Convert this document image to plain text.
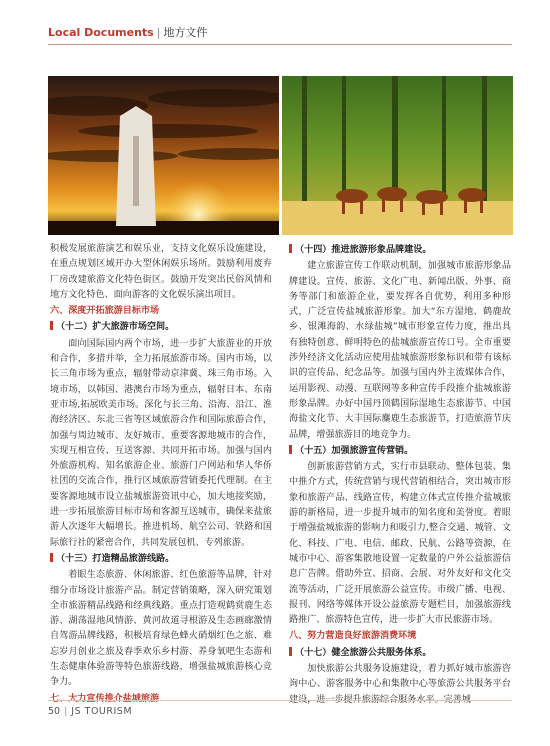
Local Documents | 地方文件

积极发展旅游演艺和娱乐业，支持文化娱乐设施建设，在重点规划区域开办大型休闲娱乐场所。鼓励利用废弃厂房改建旅游文化特色街区。鼓励开发突出民俗风情和地方文化特色、面向游客的文化娱乐演出项目。

六、深度开拓旅游目标市场

（十二）扩大旅游市场空间。

面向国际国内两个市场，进一步扩大旅游业的开放和合作，多措并举，全力拓展旅游市场。国内市场，以长三角市场为重点，辐射带动京津冀、珠三角市场。入境市场，以韩国、港澳台市场为重点，辐射日本、东南亚市场,拓展欧美市场。深化与长三角、沿海、沿江、淮海经济区、东北三省等区域旅游合作和国际旅游合作，加强与周边城市、友好城市、重要客源地城市的合作，实现互相宣传、互送客源、共同开拓市场。加强与国内外旅游机构、知名旅游企业、旅游门户网站和华人华侨社团的交流合作，推行区域旅游营销委托代理制。在主要客源地城市设立盐城旅游资讯中心，加大地接奖励，进一步拓展旅游目标市场和客源互送城市，确保来盐旅游人次逐年大幅增长。推进机场、航空公司、铁路和国际旅行社的紧密合作，共同发展包机、专列旅游。

（十三）打造精品旅游线路。

着眼生态旅游、休闲旅游、红色旅游等品牌，针对细分市场设计旅游产品。制定营销策略，深入研究策划全市旅游精品线路和经典线路。重点打造观鹤赏鹿生态游、湖荡湿地风情游、黄河故道寻根游及生态画廊激情自驾游品牌线路，积极培育绿色蜂火硝烟红色之旅、难忘岁月创业之旅及春季欢乐乡村游、养身氧吧生态游和生态健康体验游等特色旅游线路，增强盐城旅游核心竞争力。

七、大力宣传推介盐城旅游

（十四）推进旅游形象品牌建设。

建立旅游宣传工作联动机制，加强城市旅游形象品牌建设。宣传、旅游、文化广电、新闻出版、外事、商务等部门和旅游企业，要发挥各自优势，利用多种形式，广泛宣传盐城旅游形象。加大“东方湿地、鹤鹿故乡、银滩海韵、水绿盐城”城市形象宣传力度，推出具有独特创意、鲜明特色的盐城旅游宣传口号。全市重要涉外经济文化活动应使用盐城旅游形象标识和带有该标识的宣传品、纪念品等。加强与国内外主流媒体合作，运用影视、动漫、互联网等多种宣传手段推介盐城旅游形象品牌。办好中国丹顶鹤国际湿地生态旅游节、中国海盐文化节、大丰国际麋鹿生态旅游节，打造旅游节庆品牌，增强旅游目的地竞争力。

（十五）加强旅游宣传营销。

创新旅游营销方式，实行市县联动、整体包装、集中推介方式，传统营销与现代营销相结合，突出城市形象和旅游产品、线路宣传，构建立体式宣传推介盐城旅游的新格局，进一步提升城市的知名度和美誉度。着眼于增强盐城旅游的影响力和吸引力,整合交通、城管、文化、科技、广电、电信、邮政、民航、公路等资源，在城市中心、游客集散地设置一定数量的户外公益旅游信息广告牌。借助外宣、招商、会展、对外友好和文化交流等活动，广泛开展旅游公益宣传。市级广播、电视、报刊、网络等媒体开设公益旅游专题栏目，加强旅游线路推广、旅游特色宣传，进一步扩大市民旅游市场。

八、努力营造良好旅游消费环境

（十七）健全旅游公共服务体系。

加快旅游公共服务设施建设，着力抓好城市旅游咨询中心、游客服务中心和集散中心等旅游公共服务平台建设，进一步提升旅游综合服务水平。完善城

50 | JS TOURISM
